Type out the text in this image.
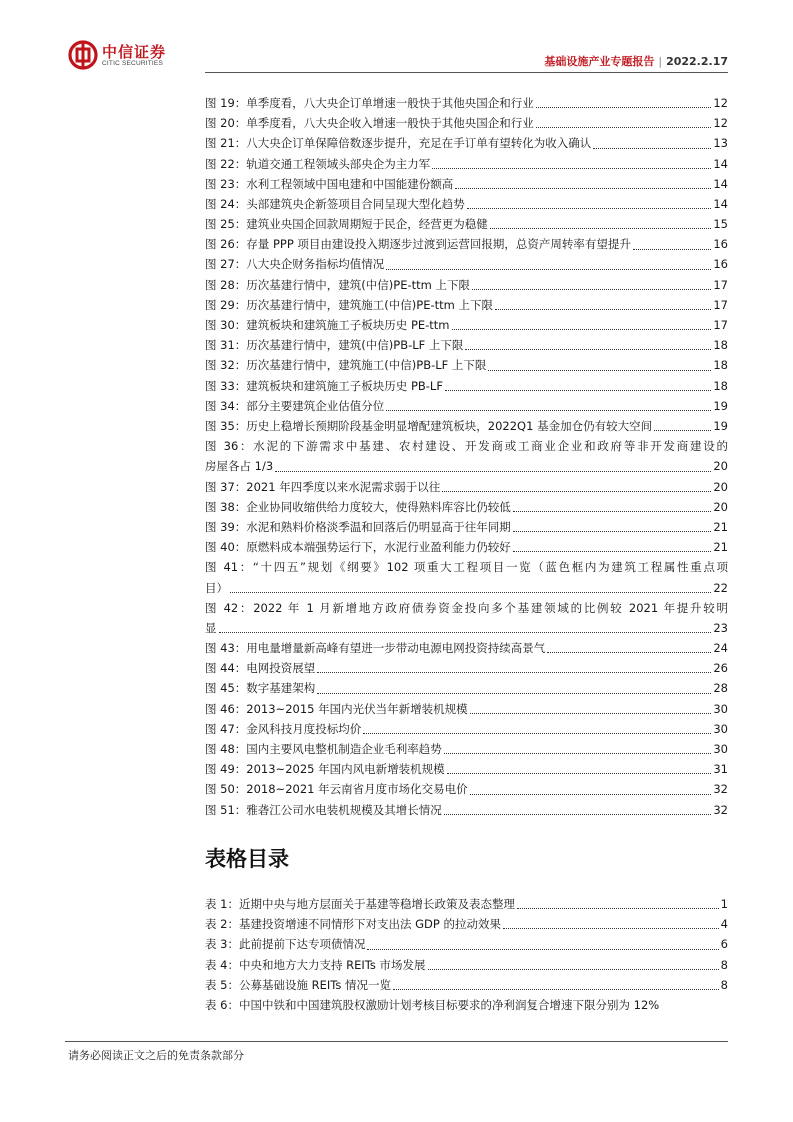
中信证券
CITIC SECURITIES	基础设施产业专题报告 | 2022.2.17
图 19：单季度看，八大央企订单增速一般快于其他央国企和行业	12
图 20：单季度看，八大央企收入增速一般快于其他央国企和行业	12
图 21：八大央企订单保障倍数逐步提升，充足在手订单有望转化为收入确认	13
图 22：轨道交通工程领域头部央企为主力军	14
图 23：水利工程领域中国电建和中国能建份额高	14
图 24：头部建筑央企新签项目合同呈现大型化趋势	14
图 25：建筑业央国企回款周期短于民企，经营更为稳健	15
图 26：存量 PPP 项目由建设投入期逐步过渡到运营回报期，总资产周转率有望提升	16
图 27：八大央企财务指标均值情况	16
图 28：历次基建行情中，建筑(中信)PE-ttm 上下限	17
图 29：历次基建行情中，建筑施工(中信)PE-ttm 上下限	17
图 30：建筑板块和建筑施工子板块历史 PE-ttm	17
图 31：历次基建行情中，建筑(中信)PB-LF 上下限	18
图 32：历次基建行情中，建筑施工(中信)PB-LF 上下限	18
图 33：建筑板块和建筑施工子板块历史 PB-LF	18
图 34：部分主要建筑企业估值分位	19
图 35：历史上稳增长预期阶段基金明显增配建筑板块，2022Q1 基金加仓仍有较大空间	19
图 36：水泥的下游需求中基建、农村建设、开发商或工商业企业和政府等非开发商建设的
房屋各占 1/3	20
图 37：2021 年四季度以来水泥需求弱于以往	20
图 38：企业协同收缩供给力度较大，使得熟料库容比仍较低	20
图 39：水泥和熟料价格淡季温和回落后仍明显高于往年同期	21
图 40：原燃料成本端强势运行下，水泥行业盈利能力仍较好	21
图 41：“十四五”规划《纲要》102 项重大工程项目一览（蓝色框内为建筑工程属性重点项
目）	22
图 42：2022 年 1 月新增地方政府债券资金投向多个基建领域的比例较 2021 年提升较明
显	23
图 43：用电量增量新高峰有望进一步带动电源电网投资持续高景气	24
图 44：电网投资展望	26
图 45：数字基建架构	28
图 46：2013~2015 年国内光伏当年新增装机规模	30
图 47：金风科技月度投标均价	30
图 48：国内主要风电整机制造企业毛利率趋势	30
图 49：2013~2025 年国内风电新增装机规模	31
图 50：2018~2021 年云南省月度市场化交易电价	32
图 51：雅砻江公司水电装机规模及其增长情况	32
表格目录
表 1：近期中央与地方层面关于基建等稳增长政策及表态整理	1
表 2：基建投资增速不同情形下对支出法 GDP 的拉动效果	4
表 3：此前提前下达专项债情况	6
表 4：中央和地方大力支持 REITs 市场发展	8
表 5：公募基础设施 REITs 情况一览	8
表 6：中国中铁和中国建筑股权激励计划考核目标要求的净利润复合增速下限分别为 12%
请务必阅读正文之后的免责条款部分
